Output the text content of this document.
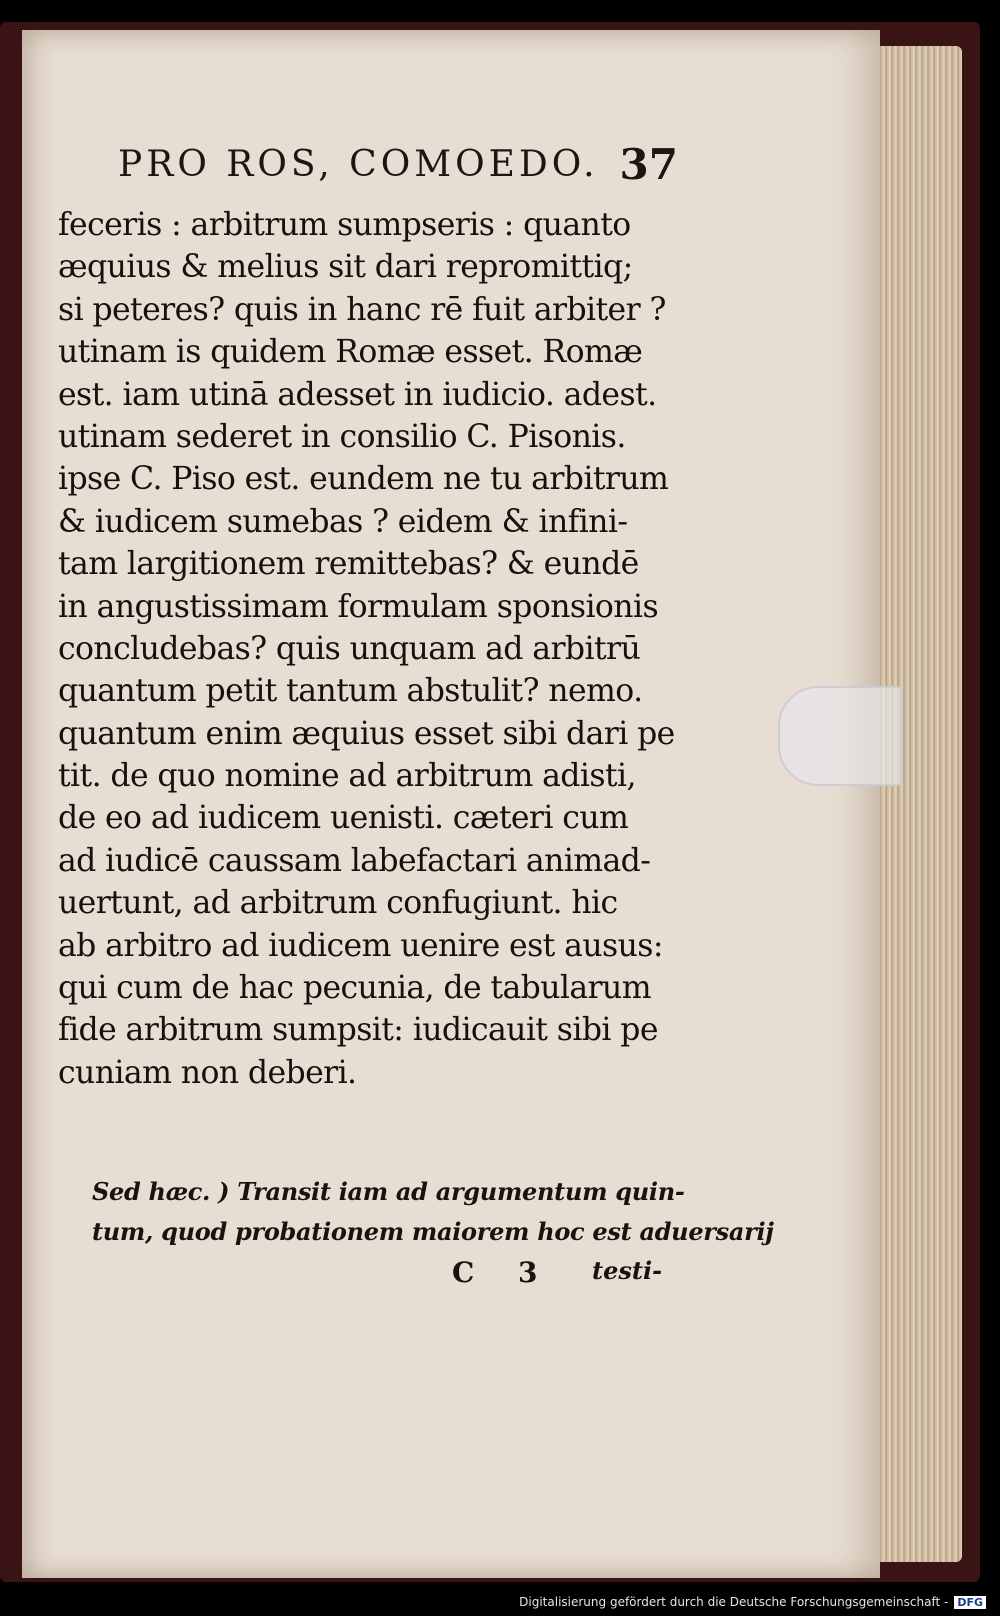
PRO ROS, COMOEDO. 37
feceris : arbitrum sumpseris : quanto
æquius & melius sit dari repromittiq;
si peteres? quis in hanc rē fuit arbiter ?
utinam is quidem Romæ esset. Romæ
est. iam utinā adesset in iudicio. adest.
utinam sederet in consilio C. Pisonis.
ipse C. Piso est. eundem ne tu arbitrum
& iudicem sumebas ? eidem & infini-
tam largitionem remittebas? & eundē
in angustissimam formulam sponsionis
concludebas? quis unquam ad arbitrū
quantum petit tantum abstulit? nemo.
quantum enim æquius esset sibi dari pe
tit. de quo nomine ad arbitrum adisti,
de eo ad iudicem uenisti. cæteri cum
ad iudicē caussam labefactari animad-
uertunt, ad arbitrum confugiunt. hic
ab arbitro ad iudicem uenire est ausus:
qui cum de hac pecunia, de tabularum
fide arbitrum sumpsit: iudicauit sibi pe
cuniam non deberi.
Sed hæc. ) Transit iam ad argumentum quin-
tum, quod probationem maiorem hoc est aduersarij
C 3 testi-
Digitalisierung gefördert durch die Deutsche Forschungsgemeinschaft - DFG
